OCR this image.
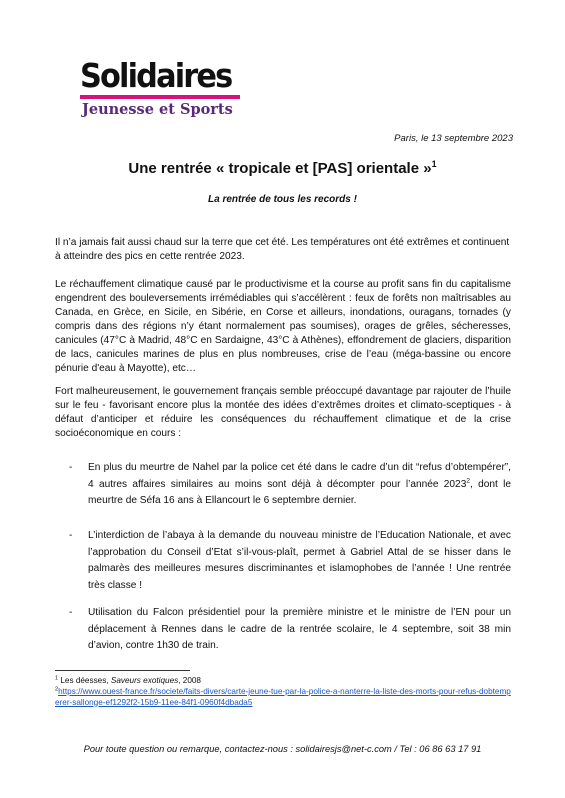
Solidaires
Jeunesse et Sports
Paris, le 13 septembre 2023
Une rentrée « tropicale et [PAS] orientale »$^1$
La rentrée de tous les records !

Il n’a jamais fait aussi chaud sur la terre que cet été. Les températures ont été extrêmes et continuent à atteindre des pics en cette rentrée 2023.

Le réchauffement climatique causé par le productivisme et la course au profit sans fin du capitalisme engendrent des bouleversements irrémédiables qui s’accélèrent : feux de forêts non maîtrisables au Canada, en Grèce, en Sicile, en Sibérie, en Corse et ailleurs, inondations, ouragans, tornades (y compris dans des régions n’y étant normalement pas soumises), orages de grêles, sécheresses, canicules (47°C à Madrid, 48°C en Sardaigne, 43°C à Athènes), effondrement de glaciers, disparition de lacs, canicules marines de plus en plus nombreuses, crise de l’eau (méga-bassine ou encore pénurie d'eau à Mayotte), etc…

Fort malheureusement, le gouvernement français semble préoccupé davantage par rajouter de l’huile sur le feu - favorisant encore plus la montée des idées d’extrêmes droites et climato-sceptiques - à défaut d’anticiper et réduire les conséquences du réchauffement climatique et de la crise socioéconomique en cours :

- En plus du meurtre de Nahel par la police cet été dans le cadre d’un dit “refus d’obtempérer”, 4 autres affaires similaires au moins sont déjà à décompter pour l’année 2023$^2$, dont le meurtre de Séfa 16 ans à Ellancourt le 6 septembre dernier.
- L’interdiction de l’abaya à la demande du nouveau ministre de l’Education Nationale, et avec l’approbation du Conseil d’Etat s’il-vous-plaît, permet à Gabriel Attal de se hisser dans le palmarès des meilleures mesures discriminantes et islamophobes de l’année ! Une rentrée très classe !
- Utilisation du Falcon présidentiel pour la première ministre et le ministre de l’EN pour un déplacement à Rennes dans le cadre de la rentrée scolaire, le 4 septembre, soit 38 min d’avion, contre 1h30 de train.
$^1$ Les déesses, Saveurs exotiques, 2008
$^2$https://www.ouest-france.fr/societe/faits-divers/carte-jeune-tue-par-la-police-a-nanterre-la-liste-des-morts-pour-refus-dobtemperer-sallonge-ef1292f2-15b9-11ee-84f1-0960f4dbada5
Pour toute question ou remarque, contactez-nous : solidairesjs@net-c.com / Tel : 06 86 63 17 91
